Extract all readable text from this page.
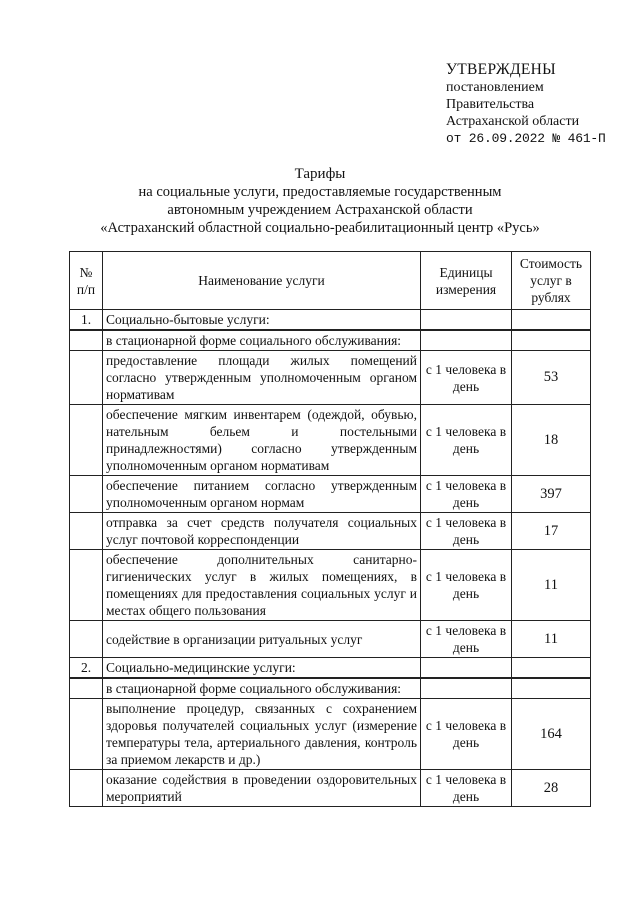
УТВЕРЖДЕНЫ
постановлением
Правительства
Астраханской области
от 26.09.2022 № 461-П
Тарифы
на социальные услуги, предоставляемые государственным
автономным учреждением Астраханской области
«Астраханский областной социально-реабилитационный центр «Русь»
№ п/п	Наименование услуги	Единицы измерения	Стоимость услуг в рублях
1.	Социально-бытовые услуги:		
	в стационарной форме социального обслуживания:		
	предоставление площади жилых помещений согласно утвержденным уполномоченным органом нормативам	с 1 человека в день	53
	обеспечение мягким инвентарем (одеждой, обувью, нательным бельем и постельными принадлежностями) согласно утвержденным уполномоченным органом нормативам	с 1 человека в день	18
	обеспечение питанием согласно утвержденным уполномоченным органом нормам	с 1 человека в день	397
	отправка за счет средств получателя социальных услуг почтовой корреспонденции	с 1 человека в день	17
	обеспечение дополнительных санитарно-гигиенических услуг в жилых помещениях, в помещениях для предоставления социальных услуг и местах общего пользования	с 1 человека в день	11
	содействие в организации ритуальных услуг	с 1 человека в день	11
2.	Социально-медицинские услуги:		
	в стационарной форме социального обслуживания:		
	выполнение процедур, связанных с сохранением здоровья получателей социальных услуг (измерение температуры тела, артериального давления, контроль за приемом лекарств и др.)	с 1 человека в день	164
	оказание содействия в проведении оздоровительных мероприятий	с 1 человека в день	28
